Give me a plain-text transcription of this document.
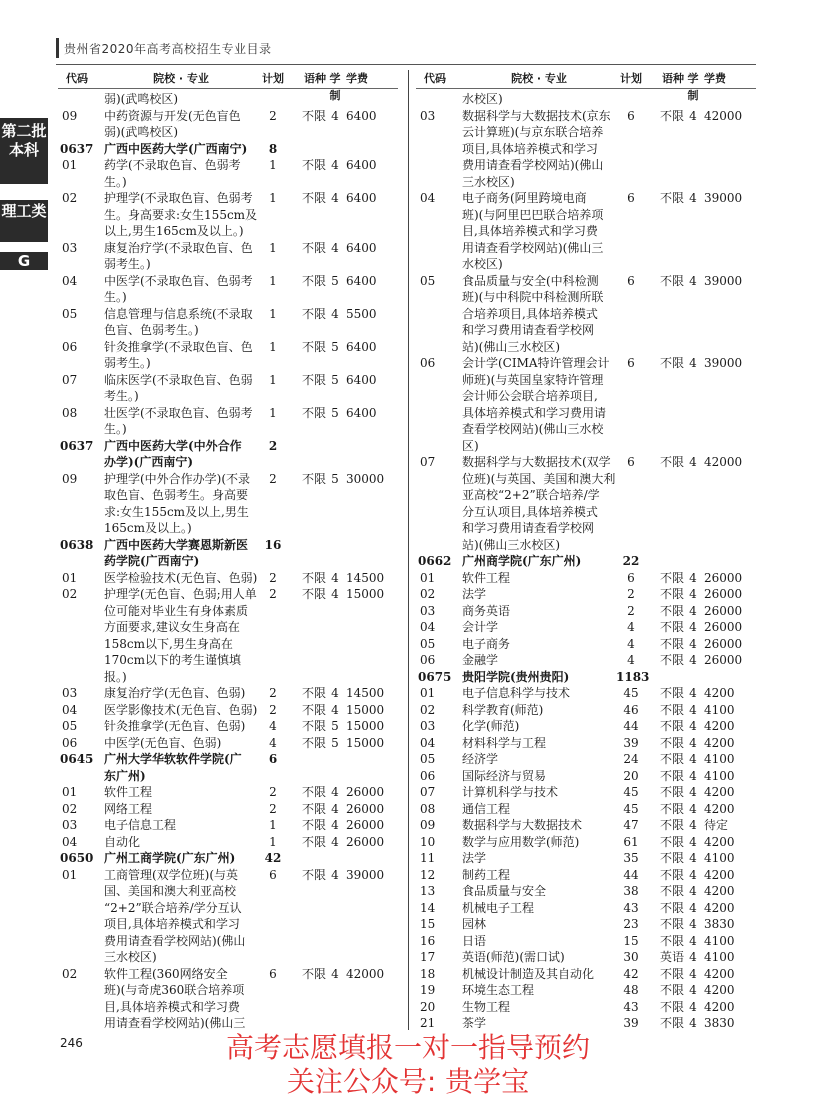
贵州省2020年高考高校招生专业目录
第二批本科
理工类
G
代码	院校 · 专业	计划	语种 学制
学费
弱)(武鸣校区)
09	中药资源与开发(无色盲色	2	不限 4 6400
弱)(武鸣校区)
0637 广西中医药大学(广西南宁)	8
01	药学(不录取色盲、色弱考	1	不限 4 6400
生。)
02	护理学(不录取色盲、色弱考	1	不限 4 6400
生。身高要求:女生155cm及
以上,男生165cm及以上。)
03	康复治疗学(不录取色盲、色	1	不限 4 6400
弱考生。)
04	中医学(不录取色盲、色弱考	1	不限 5 6400
生。)
05	信息管理与信息系统(不录取	1	不限 4 5500
色盲、色弱考生。)
06	针灸推拿学(不录取色盲、色	1	不限 5 6400
弱考生。)
07	临床医学(不录取色盲、色弱	1	不限 5 6400
考生。)
08	壮医学(不录取色盲、色弱考	1	不限 5 6400
生。)
0637 广西中医药大学(中外合作	2
办学)(广西南宁)
09	护理学(中外合作办学)(不录	2	不限 5 30000
取色盲、色弱考生。身高要
求:女生155cm及以上,男生
165cm及以上。)
0638 广西中医药大学赛恩斯新医	16
药学院(广西南宁)
01	医学检验技术(无色盲、色弱) 2	不限 4 14500
02	护理学(无色盲、色弱;用人单	2	不限 4 15000
位可能对毕业生有身体素质
方面要求,建议女生身高在
158cm以下,男生身高在
170cm以下的考生谨慎填
报。)
03	康复治疗学(无色盲、色弱)	2	不限 4 14500
04	医学影像技术(无色盲、色弱) 2	不限 4 15000
05	针灸推拿学(无色盲、色弱)	4	不限 5 15000
06	中医学(无色盲、色弱)	4	不限 5 15000
0645 广州大学华软软件学院(广	6
东广州)
01	软件工程	2	不限 4 26000
02	网络工程	2	不限 4 26000
03	电子信息工程	1	不限 4 26000
04	自动化	1	不限 4 26000
0650 广州工商学院(广东广州)	42
01	工商管理(双学位班)(与英	6	不限 4 39000
国、美国和澳大利亚高校
“2+2”联合培养/学分互认
项目,具体培养模式和学习
费用请查看学校网站)(佛山
三水校区)
02	软件工程(360网络安全	6	不限 4 42000
班)(与奇虎360联合培养项
目,具体培养模式和学习费
用请查看学校网站)(佛山三
代码	院校 · 专业	计划	语种 学制
学费
水校区)
03	数据科学与大数据技术(京东	6	不限 4 42000
云计算班)(与京东联合培养
项目,具体培养模式和学习
费用请查看学校网站)(佛山
三水校区)
04	电子商务(阿里跨境电商	6	不限 4 39000
班)(与阿里巴巴联合培养项
目,具体培养模式和学习费
用请查看学校网站)(佛山三
水校区)
05	食品质量与安全(中科检测	6	不限 4 39000
班)(与中科院中科检测所联
合培养项目,具体培养模式
和学习费用请查看学校网
站)(佛山三水校区)
06	会计学(CIMA特许管理会计	6	不限 4 39000
师班)(与英国皇家特许管理
会计师公会联合培养项目,
具体培养模式和学习费用请
查看学校网站)(佛山三水校
区)
07	数据科学与大数据技术(双学	6	不限 4 42000
位班)(与英国、美国和澳大利
亚高校“2+2”联合培养/学
分互认项目,具体培养模式
和学习费用请查看学校网
站)(佛山三水校区)
0662 广州商学院(广东广州)	22
01	软件工程	6	不限 4 26000
02	法学	2	不限 4 26000
03	商务英语	2	不限 4 26000
04	会计学	4	不限 4 26000
05	电子商务	4	不限 4 26000
06	金融学	4	不限 4 26000
0675 贵阳学院(贵州贵阳)	1183
01	电子信息科学与技术	45	不限 4 4200
02	科学教育(师范)	46	不限 4 4100
03	化学(师范)	44	不限 4 4200
04	材料科学与工程	39	不限 4 4200
05	经济学	24	不限 4 4100
06	国际经济与贸易	20	不限 4 4100
07	计算机科学与技术	45	不限 4 4200
08	通信工程	45	不限 4 4200
09	数据科学与大数据技术	47	不限 4 待定
10	数学与应用数学(师范)	61	不限 4 4200
11	法学	35	不限 4 4100
12	制药工程	44	不限 4 4200
13	食品质量与安全	38	不限 4 4200
14	机械电子工程	43	不限 4 4200
15	园林	23	不限 4 3830
16	日语	15	不限 4 4100
17	英语(师范)(需口试)	30	英语 4 4100
18	机械设计制造及其自动化	42	不限 4 4200
19	环境生态工程	48	不限 4 4200
20	生物工程	43	不限 4 4200
21	茶学	39	不限 4 3830
246	高考志愿填报一对一指导预约
关注公众号: 贵学宝
